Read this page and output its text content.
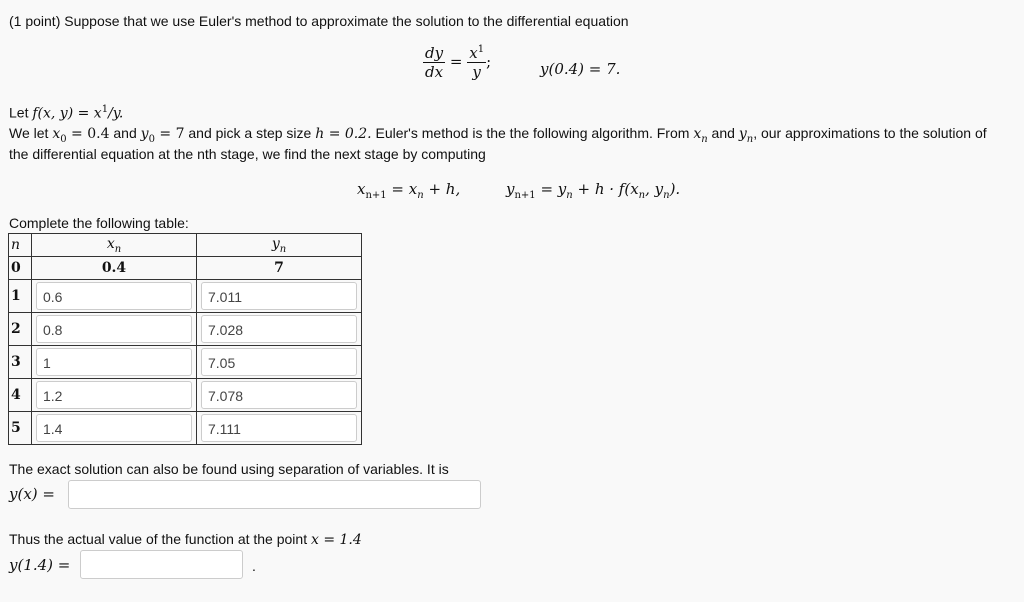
(1 point) Suppose that we use Euler's method to approximate the solution to the differential equation
$\frac{dy}{dx} = \frac{x^1}{y}$ ;	y(0.4) = 7.
Let f(x, $y) = x^1/y$.
We let $x_0 = 0.4$ and $y_0 = 7$ and pick a step size h = 0.2. Euler's method is the the following algorithm. From $x_n$ and $y_n$, our approximations to the solution of
the differential equation at the nth stage, we find the next stage by computing
$x_{n+1} = x_n + h$,	$y_{n+1} = y_n + h \cdot f(x_n$, $y_n$).
Complete the following table:
n	$x_n$	$y_n$
0	0.4	7
1	0.6	7.011

2	0.8	7.028

3	1	7.05

4	1.2	7.078

5	1.4	7.111
The exact solution can also be found using separation of variables. It is
y(x) =
Thus the actual value of the function at the point x = 1.4
y(1.4) =	.
